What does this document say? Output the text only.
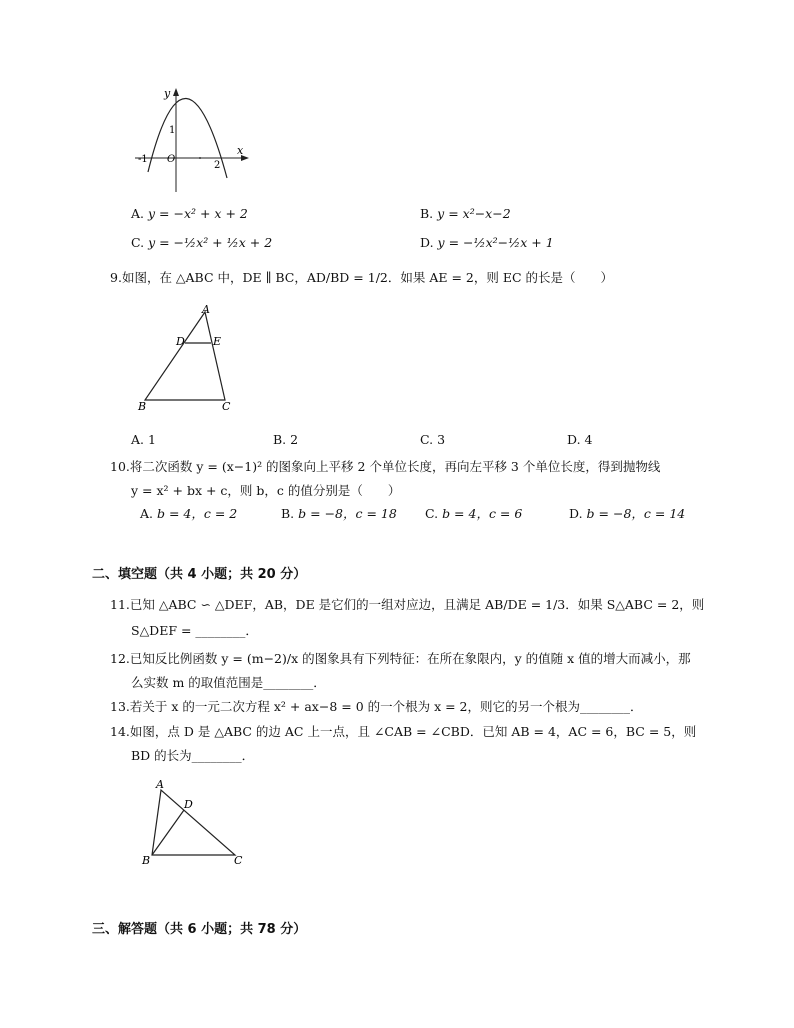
y
x
O
1
-1
2
A. y = −x² + x + 2	B. y = x²−x−2
C. y = −½x² + ½x + 2	D. y = −½x²−½x + 1
9.如图，在 △ABC 中，DE ∥ BC，AD/BD = 1/2．如果 AE = 2，则 EC 的长是（　　）
A
D	E
B	C
A. 1	B. 2	C. 3	D. 4
10.将二次函数 y = (x−1)² 的图象向上平移 2 个单位长度，再向左平移 3 个单位长度，得到抛物线
y = x² + bx + c，则 b，c 的值分别是（　　）
A. b = 4，c = 2	B. b = −8，c = 18 C. b = 4，c = 6	D. b = −8，c = 14
二、填空题（共 4 小题；共 20 分）
11.已知 △ABC ∽ △DEF，AB，DE 是它们的一组对应边，且满足 AB/DE = 1/3．如果 S△ABC = 2，则
S△DEF = ________．
12.已知反比例函数 y = (m−2)/x 的图象具有下列特征：在所在象限内，y 的值随 x 值的增大而减小，那
么实数 m 的取值范围是________．
13.若关于 x 的一元二次方程 x² + ax−8 = 0 的一个根为 x = 2，则它的另一个根为________．
14.如图，点 D 是 △ABC 的边 AC 上一点，且 ∠CAB = ∠CBD．已知 AB = 4，AC = 6，BC = 5，则
BD 的长为________．
A
D
B	C
三、解答题（共 6 小题；共 78 分）
